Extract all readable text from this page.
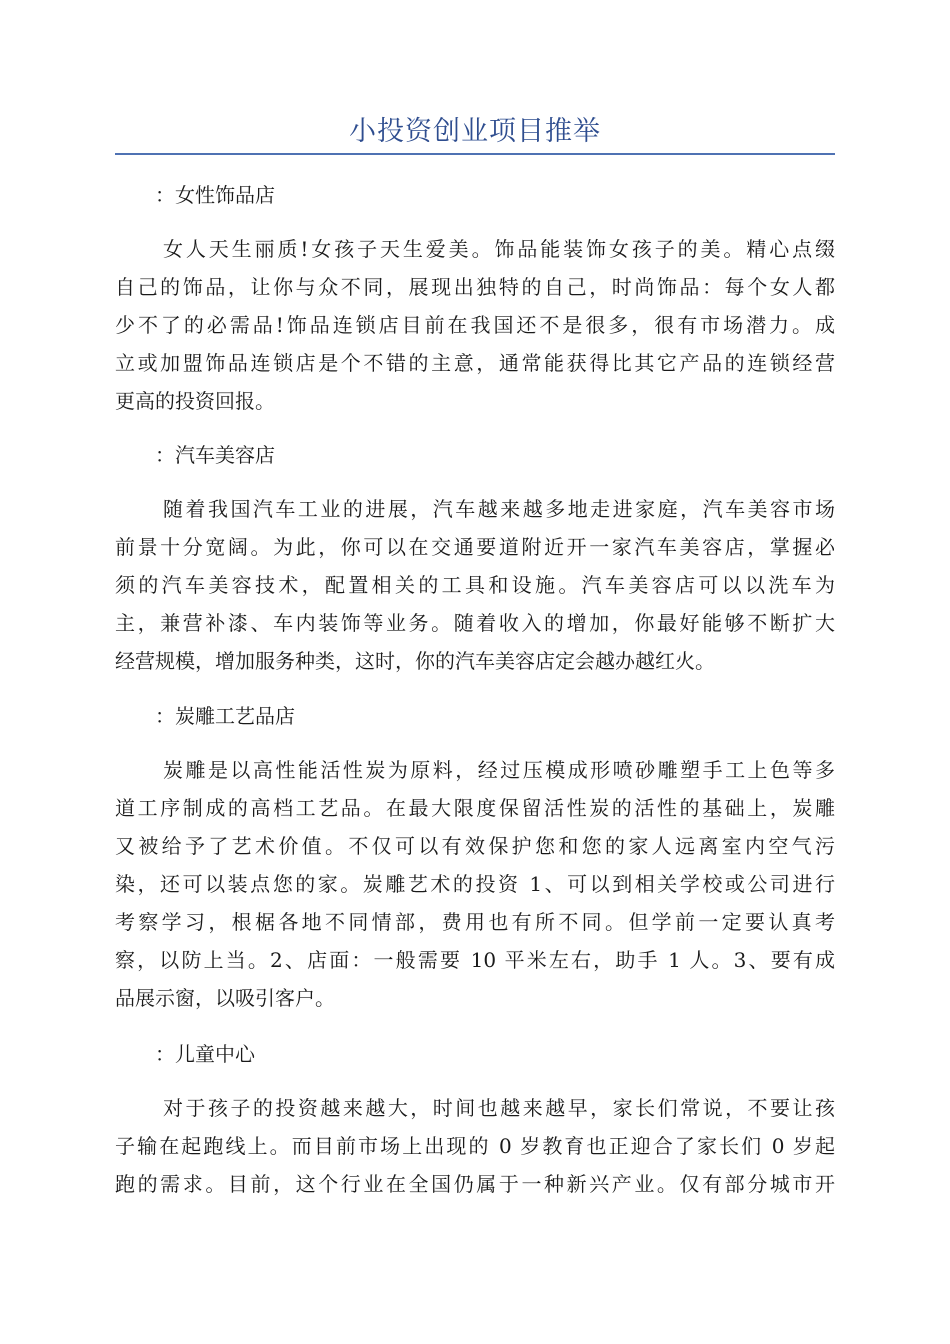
小投资创业项目推举
：女性饰品店
女人天生丽质!女孩子天生爱美。饰品能装饰女孩子的美。精心点缀
自己的饰品，让你与众不同，展现出独特的自己，时尚饰品：每个女人都
少不了的必需品!饰品连锁店目前在我国还不是很多，很有市场潜力。成
立或加盟饰品连锁店是个不错的主意，通常能获得比其它产品的连锁经营
更高的投资回报。
：汽车美容店
随着我国汽车工业的进展，汽车越来越多地走进家庭，汽车美容市场
前景十分宽阔。为此，你可以在交通要道附近开一家汽车美容店，掌握必
须的汽车美容技术，配置相关的工具和设施。汽车美容店可以以洗车为
主，兼营补漆、车内装饰等业务。随着收入的增加，你最好能够不断扩大
经营规模，增加服务种类，这时，你的汽车美容店定会越办越红火。
：炭雕工艺品店
炭雕是以高性能活性炭为原料，经过压模成形喷砂雕塑手工上色等多
道工序制成的高档工艺品。在最大限度保留活性炭的活性的基础上，炭雕
又被给予了艺术价值。不仅可以有效保护您和您的家人远离室内空气污
染，还可以装点您的家。炭雕艺术的投资 1、可以到相关学校或公司进行
考察学习，根椐各地不同情部，费用也有所不同。但学前一定要认真考
察，以防上当。2、店面：一般需要 10 平米左右，助手 1 人。3、要有成
品展示窗，以吸引客户。
：儿童中心
对于孩子的投资越来越大，时间也越来越早，家长们常说，不要让孩
子输在起跑线上。而目前市场上出现的 0 岁教育也正迎合了家长们 0 岁起
跑的需求。目前，这个行业在全国仍属于一种新兴产业。仅有部分城市开
